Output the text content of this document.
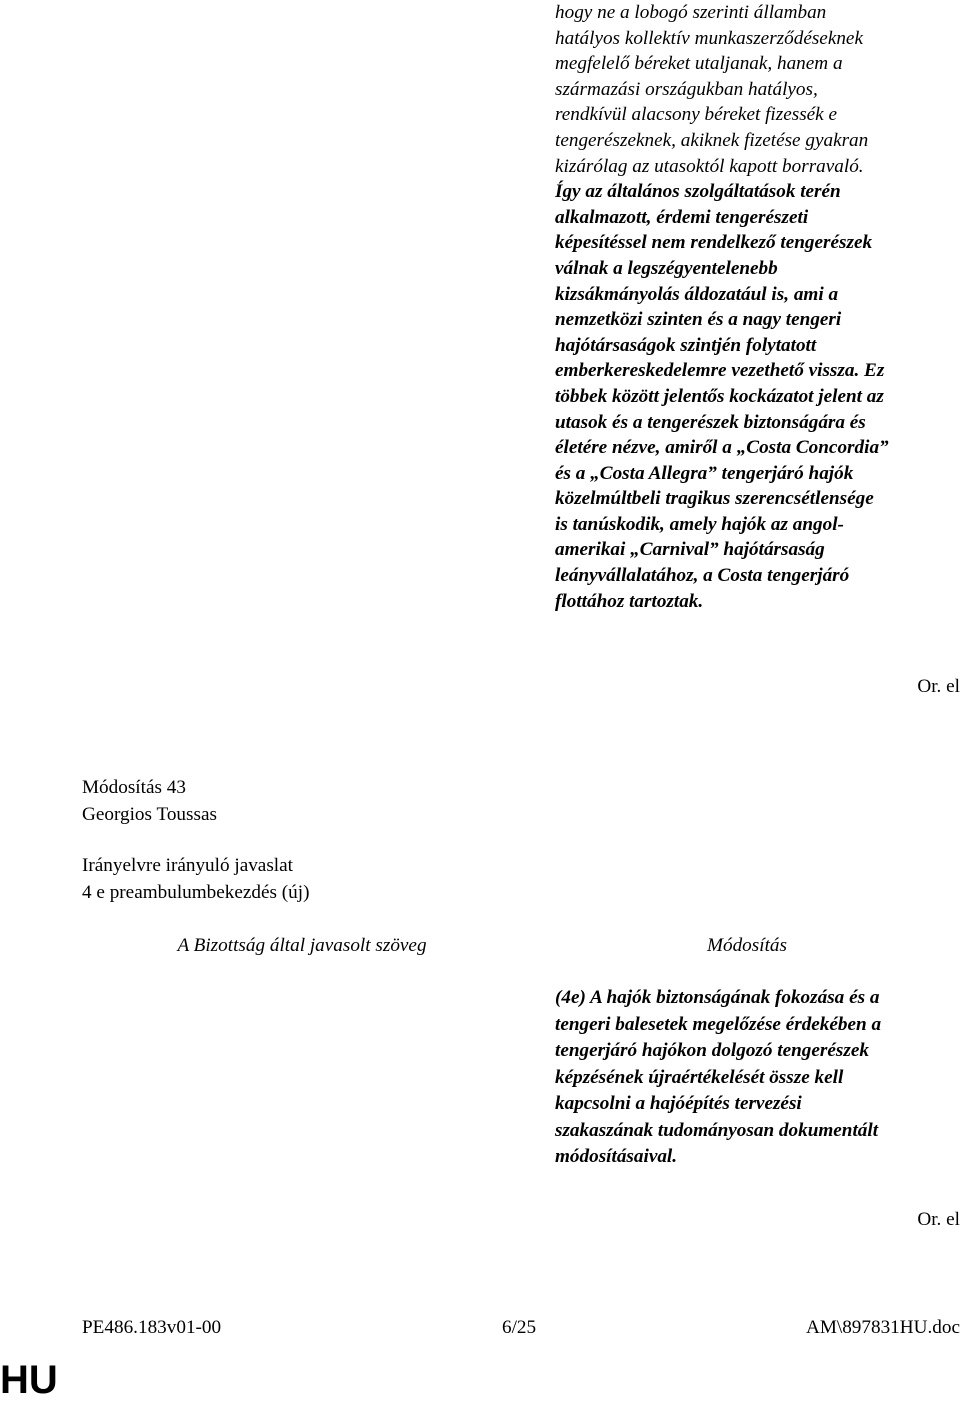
hogy ne a lobogó szerinti államban
hatályos kollektív munkaszerződéseknek
megfelelő béreket utaljanak, hanem a
származási országukban hatályos,
rendkívül alacsony béreket fizessék e
tengerészeknek, akiknek fizetése gyakran
kizárólag az utasoktól kapott borravaló.
Így az általános szolgáltatások terén
alkalmazott, érdemi tengerészeti
képesítéssel nem rendelkező tengerészek
válnak a legszégyentelenebb
kizsákmányolás áldozatául is, ami a
nemzetközi szinten és a nagy tengeri
hajótársaságok szintjén folytatott
emberkereskedelemre vezethető vissza. Ez
többek között jelentős kockázatot jelent az
utasok és a tengerészek biztonságára és
életére nézve, amiről a „Costa Concordia”
és a „Costa Allegra” tengerjáró hajók
közelmúltbeli tragikus szerencsétlensége
is tanúskodik, amely hajók az angol-
amerikai „Carnival” hajótársaság
leányvállalatához, a Costa tengerjáró
flottához tartoztak.
Or. el
Módosítás 43
Georgios Toussas
Irányelvre irányuló javaslat
4 e preambulumbekezdés (új)
A Bizottság által javasolt szöveg	Módosítás
(4e) A hajók biztonságának fokozása és a
tengeri balesetek megelőzése érdekében a
tengerjáró hajókon dolgozó tengerészek
képzésének újraértékelését össze kell
kapcsolni a hajóépítés tervezési
szakaszának tudományosan dokumentált
módosításaival.
Or. el
PE486.183v01-00	6/25	AM\897831HU.doc
HU
